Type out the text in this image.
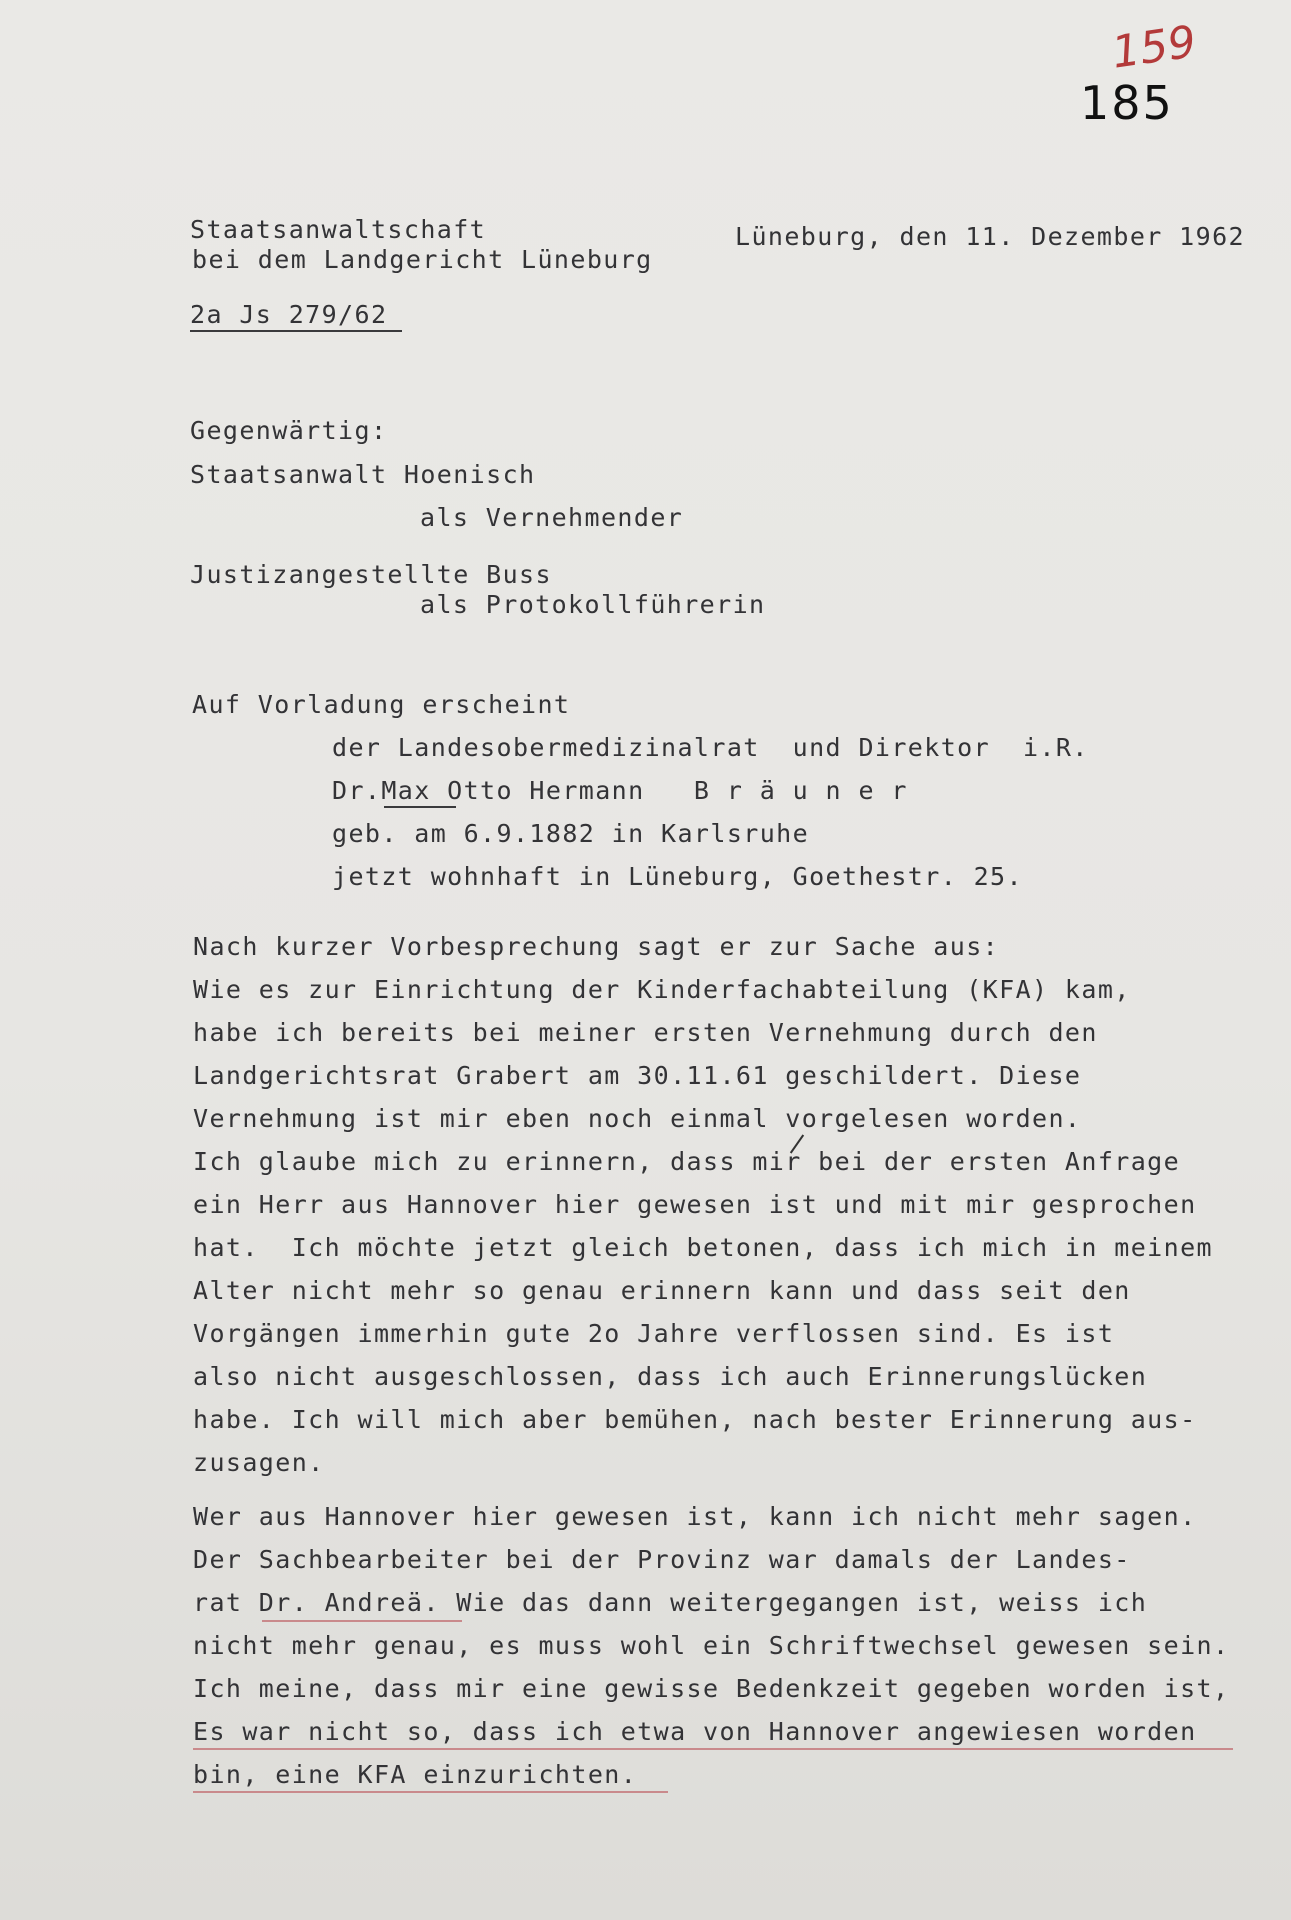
159
185
Staatsanwaltschaft
bei dem Landgericht Lüneburg
Lüneburg, den 11. Dezember 1962
2a Js 279/62
Gegenwärtig:
Staatsanwalt Hoenisch
als Vernehmender
Justizangestellte Buss
als Protokollführerin
Auf Vorladung erscheint
der Landesobermedizinalrat  und Direktor  i.R.
Dr.Max Otto Hermann   B r ä u n e r
geb. am 6.9.1882 in Karlsruhe
jetzt wohnhaft in Lüneburg, Goethestr. 25.
Nach kurzer Vorbesprechung sagt er zur Sache aus:
Wie es zur Einrichtung der Kinderfachabteilung (KFA) kam,
habe ich bereits bei meiner ersten Vernehmung durch den
Landgerichtsrat Grabert am 30.11.61 geschildert. Diese
Vernehmung ist mir eben noch einmal vorgelesen worden.
Ich glaube mich zu erinnern, dass mir bei der ersten Anfrage
ein Herr aus Hannover hier gewesen ist und mit mir gesprochen
hat.  Ich möchte jetzt gleich betonen, dass ich mich in meinem
Alter nicht mehr so genau erinnern kann und dass seit den
Vorgängen immerhin gute 2o Jahre verflossen sind. Es ist
also nicht ausgeschlossen, dass ich auch Erinnerungslücken
habe. Ich will mich aber bemühen, nach bester Erinnerung aus-
zusagen.
Wer aus Hannover hier gewesen ist, kann ich nicht mehr sagen.
Der Sachbearbeiter bei der Provinz war damals der Landes-
rat Dr. Andreä. Wie das dann weitergegangen ist, weiss ich
nicht mehr genau, es muss wohl ein Schriftwechsel gewesen sein.
Ich meine, dass mir eine gewisse Bedenkzeit gegeben worden ist,
Es war nicht so, dass ich etwa von Hannover angewiesen worden
bin, eine KFA einzurichten.
